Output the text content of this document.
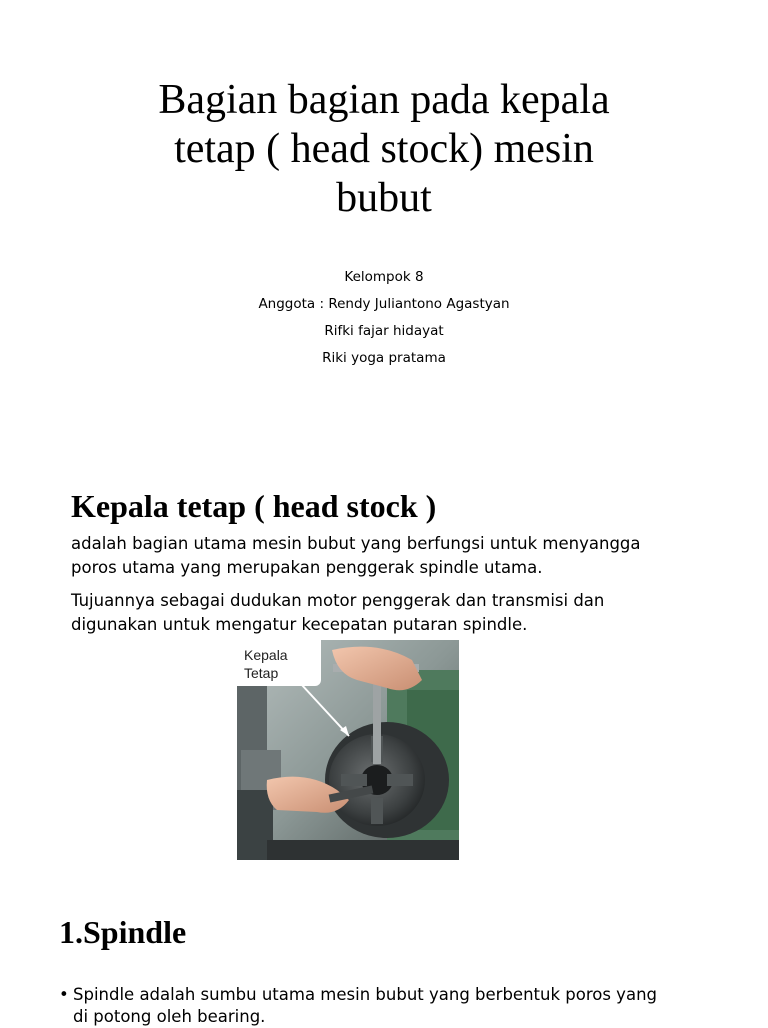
Bagian bagian pada kepala
tetap ( head stock) mesin
bubut
Kelompok 8
Anggota : Rendy Juliantono Agastyan
Rifki fajar hidayat
Riki yoga pratama
Kepala tetap ( head stock )
adalah bagian utama mesin bubut yang berfungsi untuk menyangga
poros utama yang merupakan penggerak spindle utama.
Tujuannya sebagai dudukan motor penggerak dan transmisi dan
digunakan untuk mengatur kecepatan putaran spindle.
Kepala
Tetap
1.Spindle
• Spindle adalah sumbu utama mesin bubut yang berbentuk poros yang
di potong oleh bearing.
